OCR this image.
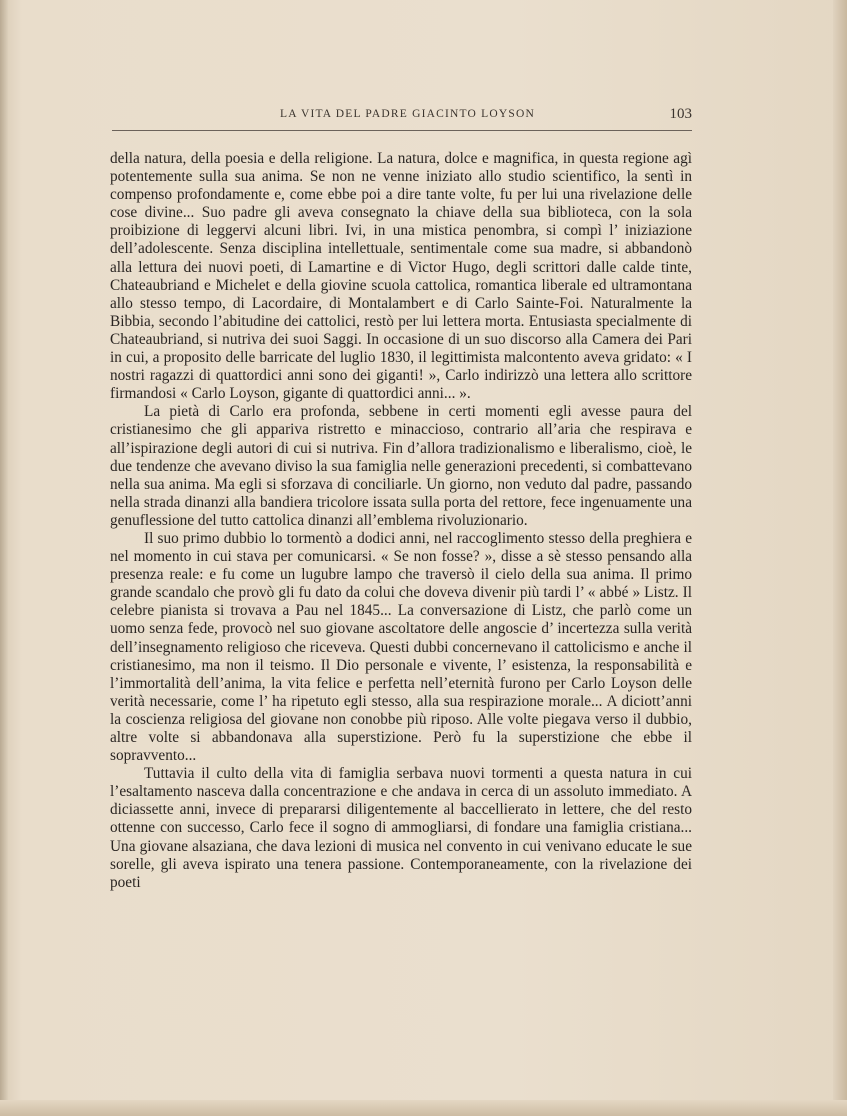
LA VITA DEL PADRE GIACINTO LOYSON	103

della natura, della poesia e della religione. La natura, dolce e magnifica, in questa regione agì potentemente sulla sua anima. Se non ne venne iniziato allo studio scientifico, la sentì in compenso profondamente e, come ebbe poi a dire tante volte, fu per lui una rivelazione delle cose divine... Suo padre gli aveva consegnato la chiave della sua biblioteca, con la sola proibizione di leggervi alcuni libri. Ivi, in una mistica penombra, si compì l’ iniziazione dell’adolescente. Senza disciplina intellettuale, sentimentale come sua madre, si abbandonò alla lettura dei nuovi poeti, di Lamartine e di Victor Hugo, degli scrittori dalle calde tinte, Chateaubriand e Michelet e della giovine scuola cattolica, romantica liberale ed ultramontana allo stesso tempo, di Lacordaire, di Montalambert e di Carlo Sainte-Foi. Naturalmente la Bibbia, secondo l’abitudine dei cattolici, restò per lui lettera morta. Entusiasta specialmente di Chateaubriand, si nutriva dei suoi Saggi. In occasione di un suo discorso alla Camera dei Pari in cui, a proposito delle barricate del luglio 1830, il legittimista malcontento aveva gridato: « I nostri ragazzi di quattordici anni sono dei giganti! », Carlo indirizzò una lettera allo scrittore firmandosi « Carlo Loyson, gigante di quattordici anni... ».

La pietà di Carlo era profonda, sebbene in certi momenti egli avesse paura del cristianesimo che gli appariva ristretto e minaccioso, contrario all’aria che respirava e all’ispirazione degli autori di cui si nutriva. Fin d’allora tradizionalismo e liberalismo, cioè, le due tendenze che avevano diviso la sua famiglia nelle generazioni precedenti, si combattevano nella sua anima. Ma egli si sforzava di conciliarle. Un giorno, non veduto dal padre, passando nella strada dinanzi alla bandiera tricolore issata sulla porta del rettore, fece ingenuamente una genuflessione del tutto cattolica dinanzi all’emblema rivoluzionario.

Il suo primo dubbio lo tormentò a dodici anni, nel raccoglimento stesso della preghiera e nel momento in cui stava per comunicarsi. « Se non fosse? », disse a sè stesso pensando alla presenza reale: e fu come un lugubre lampo che traversò il cielo della sua anima. Il primo grande scandalo che provò gli fu dato da colui che doveva divenir più tardi l’ « abbé » Listz. Il celebre pianista si trovava a Pau nel 1845... La conversazione di Listz, che parlò come un uomo senza fede, provocò nel suo giovane ascoltatore delle angoscie d’ incertezza sulla verità dell’insegnamento religioso che riceveva. Questi dubbi concernevano il cattolicismo e anche il cristianesimo, ma non il teismo. Il Dio personale e vivente, l’ esistenza, la responsabilità e l’immortalità dell’anima, la vita felice e perfetta nell’eternità furono per Carlo Loyson delle verità necessarie, come l’ ha ripetuto egli stesso, alla sua respirazione morale... A diciott’anni la coscienza religiosa del giovane non conobbe più riposo. Alle volte piegava verso il dubbio, altre volte si abbandonava alla superstizione. Però fu la superstizione che ebbe il sopravvento...

Tuttavia il culto della vita di famiglia serbava nuovi tormenti a questa natura in cui l’esaltamento nasceva dalla concentrazione e che andava in cerca di un assoluto immediato. A diciassette anni, invece di prepararsi diligentemente al baccellierato in lettere, che del resto ottenne con successo, Carlo fece il sogno di ammogliarsi, di fondare una famiglia cristiana... Una giovane alsaziana, che dava lezioni di musica nel convento in cui venivano educate le sue sorelle, gli aveva ispirato una tenera passione. Contemporaneamente, con la rivelazione dei poeti
